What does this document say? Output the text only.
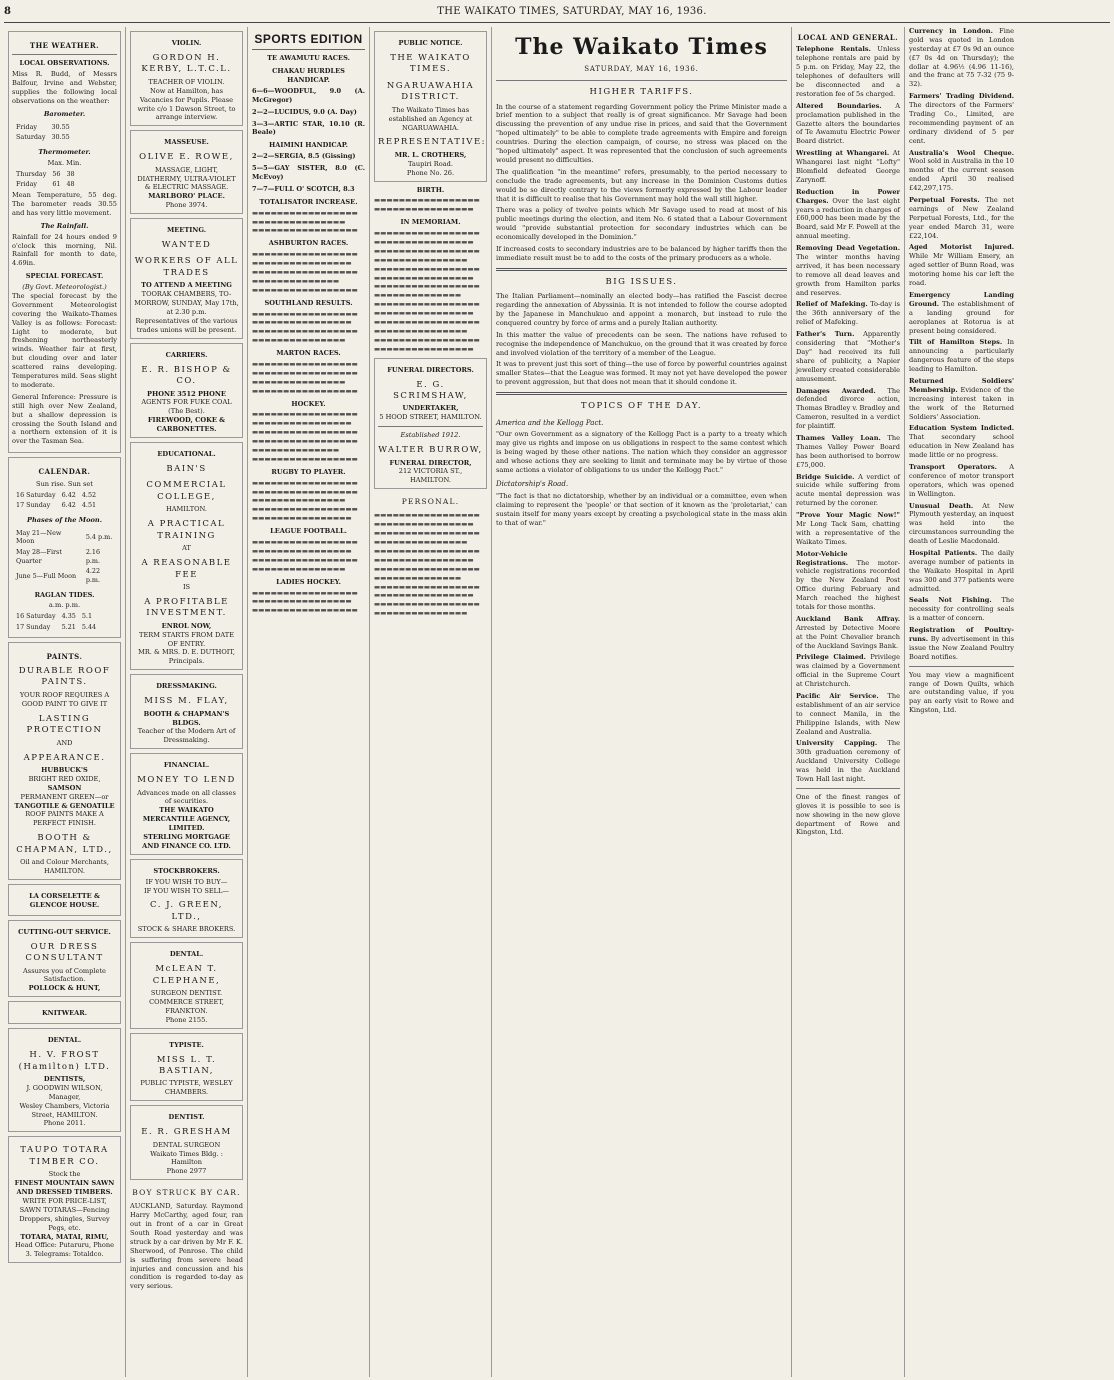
8	THE WAIKATO TIMES, SATURDAY, MAY 16, 1936.
THE WEATHER.
LOCAL OBSERVATIONS.

Miss R. Budd, of Messrs Balfour, Irvine and Webster, supplies the following local observations on the weather:

Barometer.
Friday	30.55
Saturday	30.55
Thermometer.
Max. Min.
Thursday	56	38
Friday	61	48

Mean Temperature, 55 deg. The barometer reads 30.55 and has very little movement.

The Rainfall.

Rainfall for 24 hours ended 9 o'clock this morning, Nil. Rainfall for month to date, 4.69in.

SPECIAL FORECAST.
(By Govt. Meteorologist.)

The special forecast by the Government Meteorologist covering the Waikato-Thames Valley is as follows: Forecast: Light to moderate, but freshening northeasterly winds. Weather fair at first, but clouding over and later scattered rains developing. Temperatures mild. Seas slight to moderate.

General Inference: Pressure is still high over New Zealand, but a shallow depression is crossing the South Island and a northern extension of it is over the Tasman Sea.

CALENDAR.
Sun rise. Sun set
16 Saturday	6.42	4.52
17 Sunday	6.42	4.51
Phases of the Moon.
May 21—New Moon	5.4 p.m.
May 28—First Quarter	2.16 p.m.
June 5—Full Moon	4.22 p.m.
RAGLAN TIDES.
a.m. p.m.
16 Saturday	4.35	5.1
17 Sunday	5.21	5.44
PAINTS.
DURABLE ROOF PAINTS.
YOUR ROOF REQUIRES A GOOD PAINT TO GIVE IT
LASTING PROTECTION
AND
APPEARANCE.
HUBBUCK'S
BRIGHT RED OXIDE,
SAMSON
PERMANENT GREEN—or
TANGOTILE & GENOATILE
ROOF PAINTS MAKE A PERFECT FINISH.
BOOTH & CHAPMAN, LTD.,
Oil and Colour Merchants,
HAMILTON.
LA CORSELETTE & GLENCOE HOUSE.
CUTTING-OUT SERVICE.
OUR DRESS CONSULTANT
Assures you of Complete Satisfaction.
POLLOCK & HUNT,
KNITWEAR.
DENTAL.
H. V. FROST (Hamilton) LTD.
DENTISTS,
J. GOODWIN WILSON, Manager,
Wesley Chambers, Victoria Street, HAMILTON.
Phone 2011.
TAUPO TOTARA TIMBER CO.
Stock the
FINEST MOUNTAIN SAWN AND DRESSED TIMBERS.
WRITE FOR PRICE-LIST,
SAWN TOTARAS—Fencing Droppers, shingles, Survey Pegs, etc.
TOTARA, MATAI, RIMU,
Head Office: Putaruru, Phone 3. Telegrams: Totaldco.
VIOLIN.
GORDON H. KERBY, L.T.C.L.
TEACHER OF VIOLIN.
Now at Hamilton, has Vacancies for Pupils. Please write c/o 1 Dawson Street, to arrange interview.
MASSEUSE.
OLIVE E. ROWE,
MASSAGE, LIGHT, DIATHERMY, ULTRA-VIOLET & ELECTRIC MASSAGE.
MARLBORO' PLACE.
Phone 3974.
MEETING.
WANTED
WORKERS OF ALL TRADES
TO ATTEND A MEETING
TOORAK CHAMBERS, TO-MORROW, SUNDAY, May 17th, at 2.30 p.m.
Representatives of the various trades unions will be present.
CARRIERS.
E. R. BISHOP & CO.
PHONE 3512 PHONE
AGENTS FOR FUKE COAL (The Best).
FIREWOOD, COKE & CARBONETTES.
EDUCATIONAL.
BAIN'S
COMMERCIAL COLLEGE,
HAMILTON.
A PRACTICAL TRAINING
AT
A REASONABLE FEE
IS
A PROFITABLE INVESTMENT.
ENROL NOW,
TERM STARTS FROM DATE OF ENTRY.
MR. & MRS. D. E. DUTHOIT, Principals.
DRESSMAKING.
MISS M. FLAY,
BOOTH & CHAPMAN'S BLDGS.
Teacher of the Modern Art of Dressmaking.
FINANCIAL.
MONEY TO LEND
Advances made on all classes of securities.
THE WAIKATO MERCANTILE AGENCY, LIMITED.
STERLING MORTGAGE AND FINANCE CO. LTD.
STOCKBROKERS.
IF YOU WISH TO BUY—
IF YOU WISH TO SELL—
C. J. GREEN, LTD.,
STOCK & SHARE BROKERS.
DENTAL.
McLEAN T. CLEPHANE,
SURGEON DENTIST.
COMMERCE STREET, FRANKTON.
Phone 2155.
TYPISTE.
MISS L. T. BASTIAN,
PUBLIC TYPISTE, WESLEY CHAMBERS.
DENTIST.
E. R. GRESHAM
DENTAL SURGEON
Waikato Times Bldg. : Hamilton
Phone 2977
BOY STRUCK BY CAR.

AUCKLAND, Saturday. Raymond Harry McCarthy, aged four, ran out in front of a car in Great South Road yesterday and was struck by a car driven by Mr F. K. Sherwood, of Penrose. The child is suffering from severe head injuries and concussion and his condition is regarded to-day as very serious.

SPORTS EDITION
TE AWAMUTU RACES.
CHAKAU HURDLES HANDICAP.

6—6—WOODFUL, 9.0 (A. McGregor)

2—2—LUCIDUS, 9.0 (A. Day)

3—3—ARTIC STAR, 10.10 (R. Beale)

HAIMINI HANDICAP.

2—2—SERGIA, 8.5 (Gissing)

5—5—GAY SISTER, 8.0 (C. McEvoy)

7—7—FULL O' SCOTCH, 8.3

TOTALISATOR INCREASE.
▬▬▬▬▬▬▬▬▬▬▬▬▬▬▬▬▬
▬▬▬▬▬▬▬▬▬▬▬▬▬▬▬
▬▬▬▬▬▬▬▬▬▬▬▬▬▬▬▬▬
ASHBURTON RACES.
▬▬▬▬▬▬▬▬▬▬▬▬▬▬▬▬▬
▬▬▬▬▬▬▬▬▬▬▬▬▬▬▬▬
▬▬▬▬▬▬▬▬▬▬▬▬▬▬▬▬▬
▬▬▬▬▬▬▬▬▬▬▬▬▬▬
▬▬▬▬▬▬▬▬▬▬▬▬▬▬▬▬▬
SOUTHLAND RESULTS.
▬▬▬▬▬▬▬▬▬▬▬▬▬▬▬▬▬
▬▬▬▬▬▬▬▬▬▬▬▬▬▬▬▬
▬▬▬▬▬▬▬▬▬▬▬▬▬▬▬▬▬
▬▬▬▬▬▬▬▬▬▬▬▬▬▬▬
MARTON RACES.
▬▬▬▬▬▬▬▬▬▬▬▬▬▬▬▬▬
▬▬▬▬▬▬▬▬▬▬▬▬▬▬▬▬▬
▬▬▬▬▬▬▬▬▬▬▬▬▬▬▬
▬▬▬▬▬▬▬▬▬▬▬▬▬▬▬▬▬
HOCKEY.
▬▬▬▬▬▬▬▬▬▬▬▬▬▬▬▬▬
▬▬▬▬▬▬▬▬▬▬▬▬▬▬▬▬
▬▬▬▬▬▬▬▬▬▬▬▬▬▬▬▬▬
▬▬▬▬▬▬▬▬▬▬▬▬▬▬▬▬▬
▬▬▬▬▬▬▬▬▬▬▬▬▬▬
▬▬▬▬▬▬▬▬▬▬▬▬▬▬▬▬▬
RUGBY TO PLAYER.
▬▬▬▬▬▬▬▬▬▬▬▬▬▬▬▬▬
▬▬▬▬▬▬▬▬▬▬▬▬▬▬▬▬▬
▬▬▬▬▬▬▬▬▬▬▬▬▬▬▬
▬▬▬▬▬▬▬▬▬▬▬▬▬▬▬▬▬
▬▬▬▬▬▬▬▬▬▬▬▬▬▬▬▬
LEAGUE FOOTBALL.
▬▬▬▬▬▬▬▬▬▬▬▬▬▬▬▬▬
▬▬▬▬▬▬▬▬▬▬▬▬▬▬▬▬
▬▬▬▬▬▬▬▬▬▬▬▬▬▬▬▬▬
▬▬▬▬▬▬▬▬▬▬▬▬▬▬▬
LADIES HOCKEY.
▬▬▬▬▬▬▬▬▬▬▬▬▬▬▬▬▬
▬▬▬▬▬▬▬▬▬▬▬▬▬▬▬▬
▬▬▬▬▬▬▬▬▬▬▬▬▬▬▬▬▬
PUBLIC NOTICE.
THE WAIKATO TIMES.
NGARUAWAHIA DISTRICT.
The Waikato Times has established an Agency at NGARUAWAHIA.
REPRESENTATIVE:
MR. L. CROTHERS,
Taupiri Road.
Phone No. 26.
BIRTH.
▬▬▬▬▬▬▬▬▬▬▬▬▬▬▬▬▬
▬▬▬▬▬▬▬▬▬▬▬▬▬▬▬▬
IN MEMORIAM.
▬▬▬▬▬▬▬▬▬▬▬▬▬▬▬▬▬
▬▬▬▬▬▬▬▬▬▬▬▬▬▬▬▬
▬▬▬▬▬▬▬▬▬▬▬▬▬▬▬▬▬
▬▬▬▬▬▬▬▬▬▬▬▬▬▬▬
▬▬▬▬▬▬▬▬▬▬▬▬▬▬▬▬▬
▬▬▬▬▬▬▬▬▬▬▬▬▬▬▬▬
▬▬▬▬▬▬▬▬▬▬▬▬▬▬▬▬▬
▬▬▬▬▬▬▬▬▬▬▬▬▬▬
▬▬▬▬▬▬▬▬▬▬▬▬▬▬▬▬▬
▬▬▬▬▬▬▬▬▬▬▬▬▬▬▬▬
▬▬▬▬▬▬▬▬▬▬▬▬▬▬▬▬▬
▬▬▬▬▬▬▬▬▬▬▬▬▬▬▬
▬▬▬▬▬▬▬▬▬▬▬▬▬▬▬▬▬
▬▬▬▬▬▬▬▬▬▬▬▬▬▬▬▬
FUNERAL DIRECTORS.
E. G. SCRIMSHAW,
UNDERTAKER,
5 HOOD STREET, HAMILTON.
Established 1912.
WALTER BURROW,
FUNERAL DIRECTOR,
212 VICTORIA ST., HAMILTON.
PERSONAL.
▬▬▬▬▬▬▬▬▬▬▬▬▬▬▬▬▬
▬▬▬▬▬▬▬▬▬▬▬▬▬▬▬▬
▬▬▬▬▬▬▬▬▬▬▬▬▬▬▬▬▬
▬▬▬▬▬▬▬▬▬▬▬▬▬▬▬
▬▬▬▬▬▬▬▬▬▬▬▬▬▬▬▬▬
▬▬▬▬▬▬▬▬▬▬▬▬▬▬▬▬
▬▬▬▬▬▬▬▬▬▬▬▬▬▬▬▬▬
▬▬▬▬▬▬▬▬▬▬▬▬▬▬
▬▬▬▬▬▬▬▬▬▬▬▬▬▬▬▬▬
▬▬▬▬▬▬▬▬▬▬▬▬▬▬▬▬
▬▬▬▬▬▬▬▬▬▬▬▬▬▬▬▬▬
▬▬▬▬▬▬▬▬▬▬▬▬▬▬▬
The Waikato Times
SATURDAY, MAY 16, 1936.
HIGHER TARIFFS.

In the course of a statement regarding Government policy the Prime Minister made a brief mention to a subject that really is of great significance. Mr Savage had been discussing the prevention of any undue rise in prices, and said that the Government "hoped ultimately" to be able to complete trade agreements with Empire and foreign countries. During the election campaign, of course, no stress was placed on the "hoped ultimately" aspect. It was represented that the conclusion of such agreements would present no difficulties.

The qualification "in the meantime" refers, presumably, to the period necessary to conclude the trade agreements, but any increase in the Dominion Customs duties would be so directly contrary to the views formerly expressed by the Labour leader that it is difficult to realise that his Government may hold the wall still higher.

There was a policy of twelve points which Mr Savage used to read at most of his public meetings during the election, and item No. 6 stated that a Labour Government would "provide substantial protection for secondary industries which can be economically developed in the Dominion."

If increased costs to secondary industries are to be balanced by higher tariffs then the immediate result must be to add to the costs of the primary producers as a whole.

BIG ISSUES.

The Italian Parliament—nominally an elected body—has ratified the Fascist decree regarding the annexation of Abyssinia. It is not intended to follow the course adopted by the Japanese in Manchukuo and appoint a monarch, but instead to rule the conquered country by force of arms and a purely Italian authority.

In this matter the value of precedents can be seen. The nations have refused to recognise the independence of Manchukuo, on the ground that it was created by force and involved violation of the territory of a member of the League.

It was to prevent just this sort of thing—the use of force by powerful countries against smaller States—that the League was formed. It may not yet have developed the power to prevent aggression, but that does not mean that it should condone it.

TOPICS OF THE DAY.
America and the Kellogg Pact.

"Our own Government as a signatory of the Kellogg Pact is a party to a treaty which may give us rights and impose on us obligations in respect to the same contest which is being waged by these other nations. The nation which they consider an aggressor and whose actions they are seeking to limit and terminate may be by virtue of those same actions a violator of obligations to us under the Kellogg Pact."

Dictatorship's Road.

"The fact is that no dictatorship, whether by an individual or a committee, even when claiming to represent the 'people' or that section of it known as the 'proletariat,' can sustain itself for many years except by creating a psychological state in the mass akin to that of war."

LOCAL AND GENERAL.

Telephone Rentals. Unless telephone rentals are paid by 5 p.m. on Friday, May 22, the telephones of defaulters will be disconnected and a restoration fee of 5s charged.

Altered Boundaries. A proclamation published in the Gazette alters the boundaries of Te Awamutu Electric Power Board district.

Wrestling at Whangarei. At Whangarei last night "Lofty" Blomfield defeated George Zarynoff.

Reduction in Power Charges. Over the last eight years a reduction in charges of £60,000 has been made by the Board, said Mr F. Powell at the annual meeting.

Removing Dead Vegetation. The winter months having arrived, it has been necessary to remove all dead leaves and growth from Hamilton parks and reserves.

Relief of Mafeking. To-day is the 36th anniversary of the relief of Mafeking.

Father's Turn. Apparently considering that "Mother's Day" had received its full share of publicity, a Napier jewellery created considerable amusement.

Damages Awarded. The defended divorce action, Thomas Bradley v. Bradley and Cameron, resulted in a verdict for plaintiff.

Thames Valley Loan. The Thames Valley Power Board has been authorised to borrow £75,000.

Bridge Suicide. A verdict of suicide while suffering from acute mental depression was returned by the coroner.

"Prove Your Magic Now!" Mr Long Tack Sam, chatting with a representative of the Waikato Times.

Motor-Vehicle Registrations. The motor-vehicle registrations recorded by the New Zealand Post Office during February and March reached the highest totals for those months.

Auckland Bank Affray. Arrested by Detective Moore at the Point Chevalier branch of the Auckland Savings Bank.

Privilege Claimed. Privilege was claimed by a Government official in the Supreme Court at Christchurch.

Pacific Air Service. The establishment of an air service to connect Manila, in the Philippine Islands, with New Zealand and Australia.

University Capping. The 30th graduation ceremony of Auckland University College was held in the Auckland Town Hall last night.

One of the finest ranges of gloves it is possible to see is now showing in the new glove department of Rowe and Kingston, Ltd.

Currency in London. Fine gold was quoted in London yesterday at £7 0s 9d an ounce (£7 0s 4d on Thursday); the dollar at 4.96½ (4.96 11-16), and the franc at 75 7-32 (75 9-32).

Farmers' Trading Dividend. The directors of the Farmers' Trading Co., Limited, are recommending payment of an ordinary dividend of 5 per cent.

Australia's Wool Cheque. Wool sold in Australia in the 10 months of the current season ended April 30 realised £42,297,175.

Perpetual Forests. The net earnings of New Zealand Perpetual Forests, Ltd., for the year ended March 31, were £22,104.

Aged Motorist Injured. While Mr William Emery, an aged settler of Bunn Road, was motoring home his car left the road.

Emergency Landing Ground. The establishment of a landing ground for aeroplanes at Rotorua is at present being considered.

Tilt of Hamilton Steps. In announcing a particularly dangerous feature of the steps leading to Hamilton.

Returned Soldiers' Membership. Evidence of the increasing interest taken in the work of the Returned Soldiers' Association.

Education System Indicted. That secondary school education in New Zealand has made little or no progress.

Transport Operators. A conference of motor transport operators, which was opened in Wellington.

Unusual Death. At New Plymouth yesterday, an inquest was held into the circumstances surrounding the death of Leslie Macdonald.

Hospital Patients. The daily average number of patients in the Waikato Hospital in April was 300 and 377 patients were admitted.

Seals Not Fishing. The necessity for controlling seals is a matter of concern.

Registration of Poultry-runs. By advertisement in this issue the New Zealand Poultry Board notifies.

You may view a magnificent range of Down Quilts, which are outstanding value, if you pay an early visit to Rowe and Kingston, Ltd.
